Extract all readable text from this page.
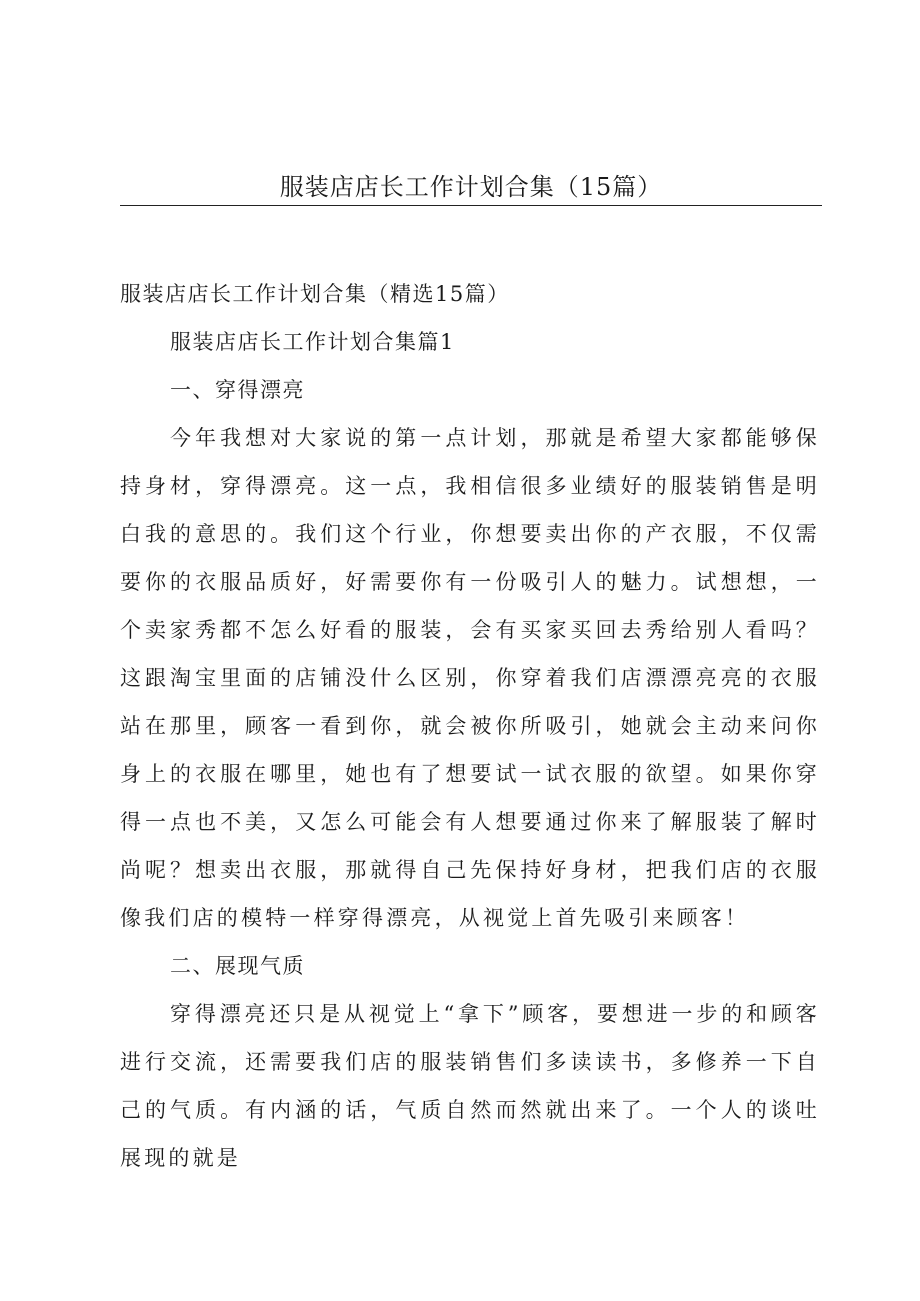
服装店店长工作计划合集（15篇）

服装店店长工作计划合集（精选15篇）

服装店店长工作计划合集篇1

一、穿得漂亮

今年我想对大家说的第一点计划，那就是希望大家都能够保持身材，穿得漂亮。这一点，我相信很多业绩好的服装销售是明白我的意思的。我们这个行业，你想要卖出你的产衣服，不仅需要你的衣服品质好，好需要你有一份吸引人的魅力。试想想，一个卖家秀都不怎么好看的服装，会有买家买回去秀给别人看吗？这跟淘宝里面的店铺没什么区别，你穿着我们店漂漂亮亮的衣服站在那里，顾客一看到你，就会被你所吸引，她就会主动来问你身上的衣服在哪里，她也有了想要试一试衣服的欲望。如果你穿得一点也不美，又怎么可能会有人想要通过你来了解服装了解时尚呢？想卖出衣服，那就得自己先保持好身材，把我们店的衣服像我们店的模特一样穿得漂亮，从视觉上首先吸引来顾客！

二、展现气质

穿得漂亮还只是从视觉上“拿下”顾客，要想进一步的和顾客进行交流，还需要我们店的服装销售们多读读书，多修养一下自己的气质。有内涵的话，气质自然而然就出来了。一个人的谈吐展现的就是
